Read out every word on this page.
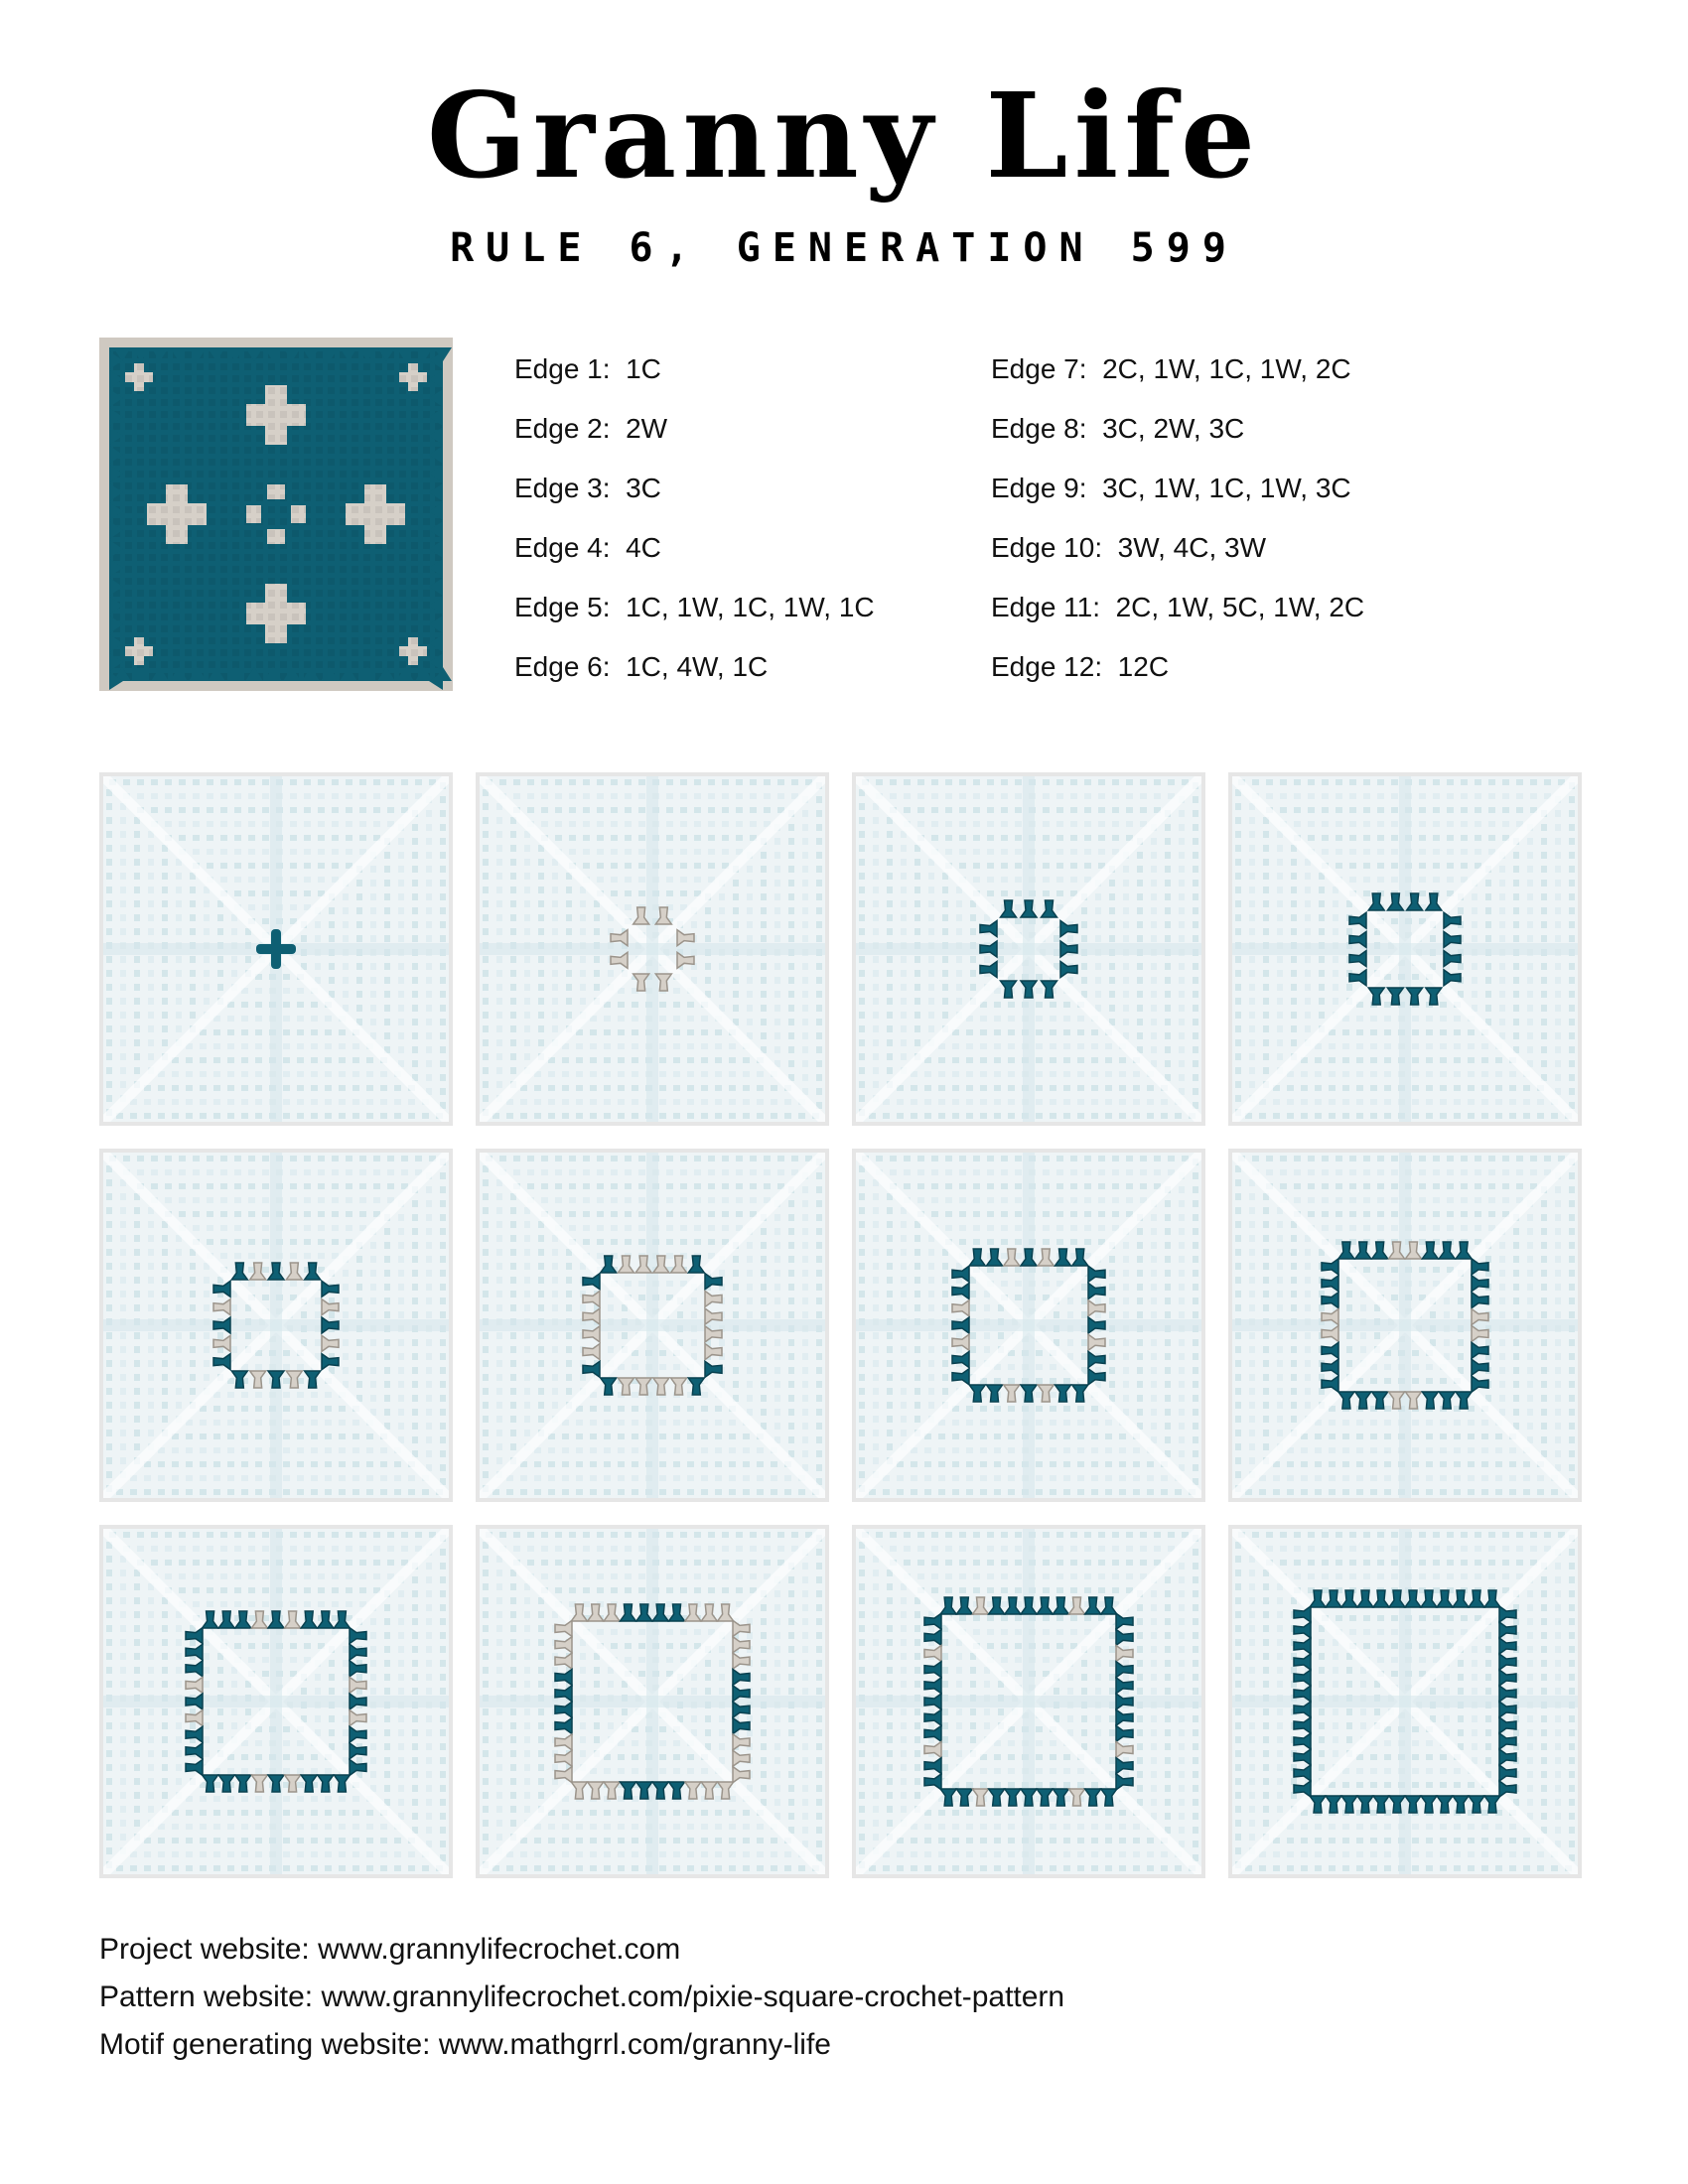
Granny Life
RULE 6, GENERATION 599
Edge 1: 1C
Edge 2: 2W
Edge 3: 3C
Edge 4: 4C
Edge 5: 1C, 1W, 1C, 1W, 1C
Edge 6: 1C, 4W, 1C
Edge 7: 2C, 1W, 1C, 1W, 2C
Edge 8: 3C, 2W, 3C
Edge 9: 3C, 1W, 1C, 1W, 3C
Edge 10: 3W, 4C, 3W
Edge 11: 2C, 1W, 5C, 1W, 2C
Edge 12: 12C
Project website: www.grannylifecrochet.com
Pattern website: www.grannylifecrochet.com/pixie-square-crochet-pattern
Motif generating website: www.mathgrrl.com/granny-life
